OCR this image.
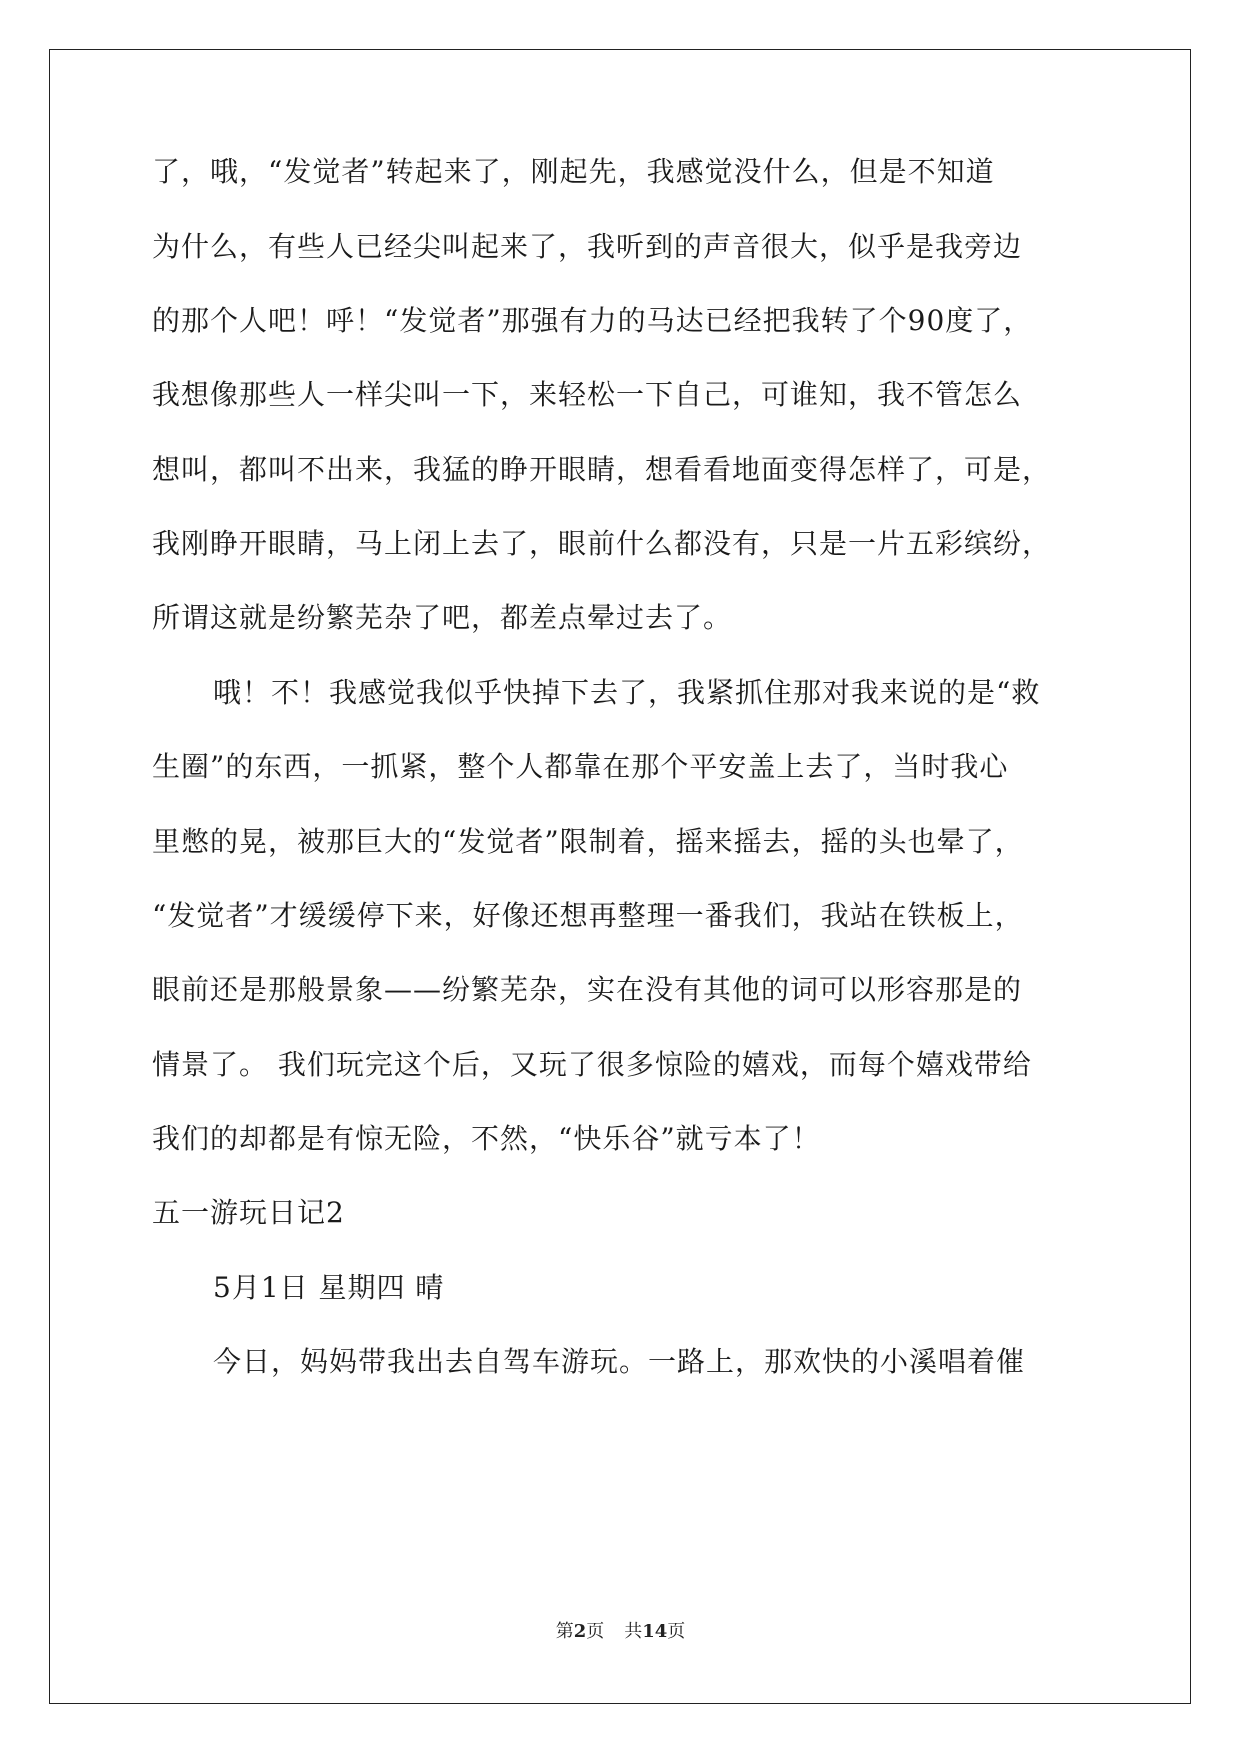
了，哦，“发觉者”转起来了，刚起先，我感觉没什么，但是不知道

为什么，有些人已经尖叫起来了，我听到的声音很大，似乎是我旁边

的那个人吧！呼！“发觉者”那强有力的马达已经把我转了个90度了，

我想像那些人一样尖叫一下，来轻松一下自己，可谁知，我不管怎么

想叫，都叫不出来，我猛的睁开眼睛，想看看地面变得怎样了，可是，

我刚睁开眼睛，马上闭上去了，眼前什么都没有，只是一片五彩缤纷，

所谓这就是纷繁芜杂了吧，都差点晕过去了。

哦！不！我感觉我似乎快掉下去了，我紧抓住那对我来说的是“救

生圈”的东西，一抓紧，整个人都靠在那个平安盖上去了，当时我心

里憋的晃，被那巨大的“发觉者”限制着，摇来摇去，摇的头也晕了，

“发觉者”才缓缓停下来，好像还想再整理一番我们，我站在铁板上，

眼前还是那般景象——纷繁芜杂，实在没有其他的词可以形容那是的

情景了。 我们玩完这个后，又玩了很多惊险的嬉戏，而每个嬉戏带给

我们的却都是有惊无险，不然，“快乐谷”就亏本了！

五一游玩日记2

5月1日 星期四 晴

今日，妈妈带我出去自驾车游玩。一路上，那欢快的小溪唱着催

第2页 共14页
